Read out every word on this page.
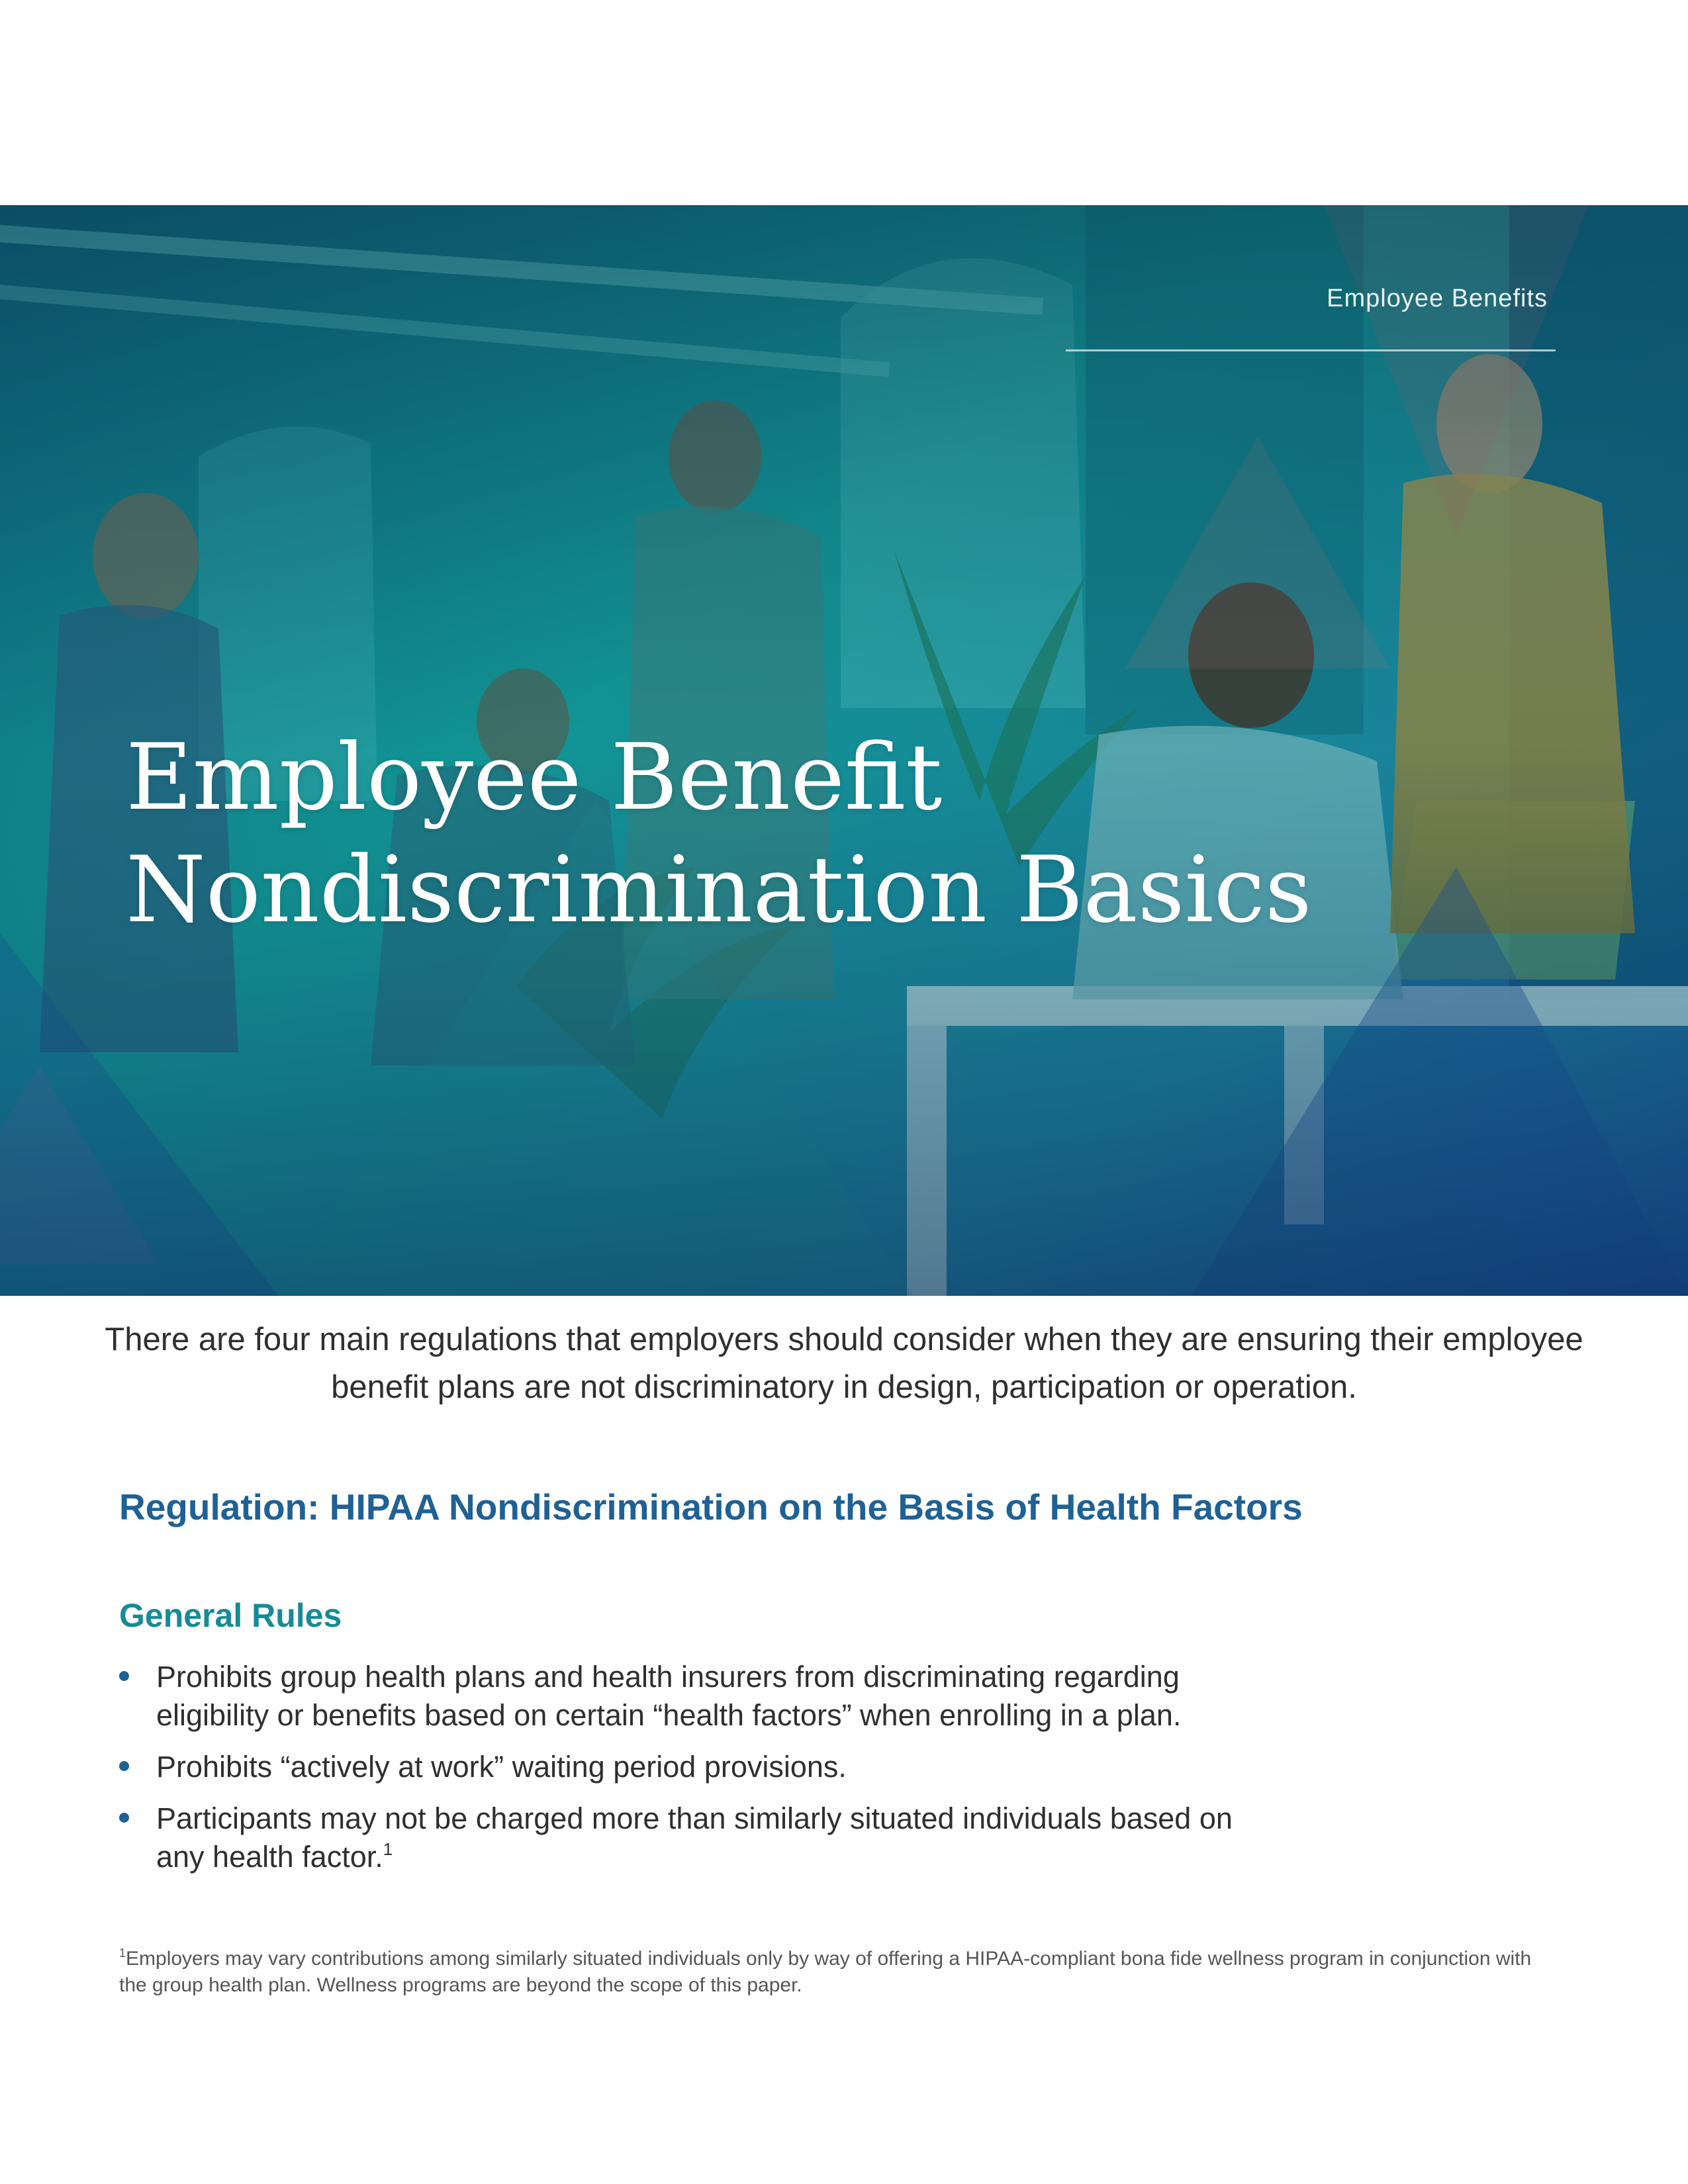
Employee Benefits
Employee Benefit
Nondiscrimination Basics

There are four main regulations that employers should consider when they are ensuring their employee benefit plans are not discriminatory in design, participation or operation.

Regulation: HIPAA Nondiscrimination on the Basis of Health Factors
General Rules
Prohibits group health plans and health insurers from discriminating regarding eligibility or benefits based on certain “health factors” when enrolling in a plan.
Prohibits “actively at work” waiting period provisions.
Participants may not be charged more than similarly situated individuals based on any health factor.$^1$

$^1$Employers may vary contributions among similarly situated individuals only by way of offering a HIPAA-compliant bona fide wellness program in conjunction with the group health plan. Wellness programs are beyond the scope of this paper.
